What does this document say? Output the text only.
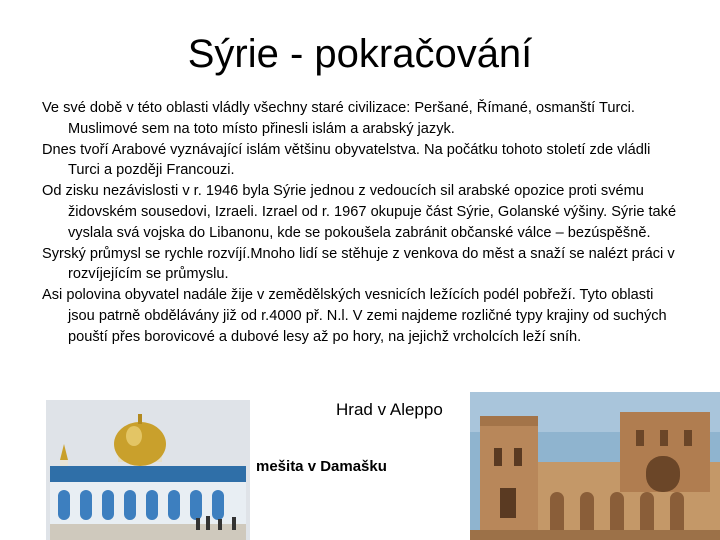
Sýrie - pokračování

Ve své době v této oblasti vládly všechny staré civilizace: Peršané, Římané, osmanští Turci. Muslimové sem na toto místo přinesli islám a arabský jazyk.

Dnes tvoří Arabové vyznávající islám většinu obyvatelstva. Na počátku tohoto století zde vládli Turci a později Francouzi.

Od zisku nezávislosti v r. 1946 byla Sýrie jednou z vedoucích sil arabské opozice proti svému židovském sousedovi, Izraeli. Izrael od r. 1967 okupuje část Sýrie, Golanské výšiny. Sýrie také vyslala svá vojska do Libanonu, kde se pokoušela zabránit občanské válce – bezúspěšně.

Syrský průmysl se rychle rozvíjí.Mnoho lidí se stěhuje z venkova do měst a snaží se nalézt práci v rozvíjejícím se průmyslu.

Asi polovina obyvatel nadále žije v zemědělských vesnicích ležících podél pobřeží. Tyto oblasti jsou patrně obdělávány již od r.4000 př. N.l. V zemi najdeme rozličné typy krajiny od suchých pouští přes borovicové a dubové lesy až po hory, na jejichž vrcholcích leží sníh.

Hrad v Aleppo
mešita v Damašku
